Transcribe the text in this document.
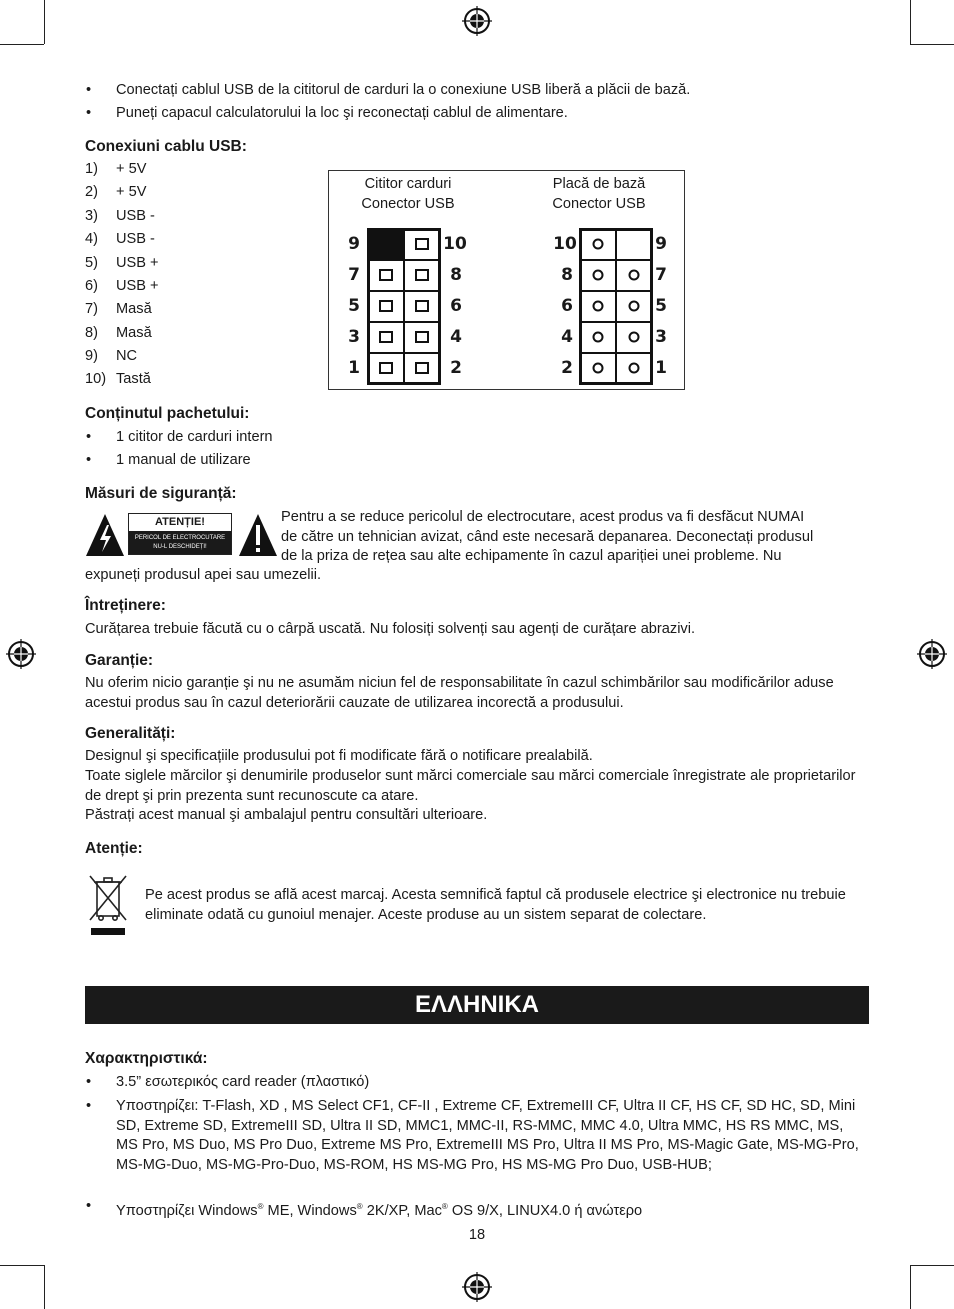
• Conectați cablul USB de la cititorul de carduri la o conexiune USB liberă a plăcii de bază.
• Puneți capacul calculatorului la loc şi reconectați cablul de alimentare.
Conexiuni cablu USB:
1) + 5V
2) + 5V
3) USB -
4) USB -
5) USB +
6) USB +
7) Masă
8) Masă
9) NC
10) Tastă
Cititor carduri
Conector USB
Placă de bază
Conector USB
9
7
5
3
1
10
8
6
4
2
10
8
6
4
2
9
7
5
3
1
Conținutul pachetului:
• 1 cititor de carduri intern
• 1 manual de utilizare
Măsuri de siguranță:
ATENȚIE!
PERICOL DE ELECTROCUTARE
NU-L DESCHIDEȚI!
Pentru a se reduce pericolul de electrocutare, acest produs va fi desfăcut NUMAI
de către un tehnician avizat, când este necesară depanarea. Deconectați produsul
de la priza de rețea sau alte echipamente în cazul apariției unei probleme. Nu
expuneți produsul apei sau umezelii.
Întreținere:
Curățarea trebuie făcută cu o cârpă uscată. Nu folosiți solvenți sau agenți de curățare abrazivi.
Garanție:
Nu oferim nicio garanție şi nu ne asumăm niciun fel de responsabilitate în cazul schimbărilor sau modificărilor aduse acestui produs sau în cazul deteriorării cauzate de utilizarea incorectă a produsului.
Generalități:
Designul şi specificațiile produsului pot fi modificate fără o notificare prealabilă.
Toate siglele mărcilor şi denumirile produselor sunt mărci comerciale sau mărci comerciale înregistrate ale proprietarilor de drept şi prin prezenta sunt recunoscute ca atare.
Păstrați acest manual şi ambalajul pentru consultări ulterioare.
Atenție:
Pe acest produs se află acest marcaj. Acesta semnifică faptul că produsele electrice şi electronice nu trebuie eliminate odată cu gunoiul menajer. Aceste produse au un sistem separat de colectare.
ΕΛΛΗΝΙΚΑ
Χαρακτηριστικά:
• 3.5” εσωτερικός card reader (πλαστικό)
• Υποστηρίζει: T-Flash, XD , MS Select CF1, CF-II , Extreme CF, ExtremeIII CF, Ultra II CF, HS CF, SD HC, SD, Mini SD, Extreme SD, ExtremeIII SD, Ultra II SD, MMC1, MMC-II, RS-MMC, MMC 4.0, Ultra MMC, HS RS MMC, MS, MS Pro, MS Duo, MS Pro Duo, Extreme MS Pro, ExtremeIII MS Pro, Ultra II MS Pro, MS-Magic Gate, MS-MG-Pro, MS-MG-Duo, MS-MG-Pro-Duo, MS-ROM, HS MS-MG Pro, HS MS-MG Pro Duo, USB-HUB;
• Υποστηρίζει Windows® ME, Windows® 2K/XP, Mac® OS 9/X, LINUX4.0 ή ανώτερο
18
